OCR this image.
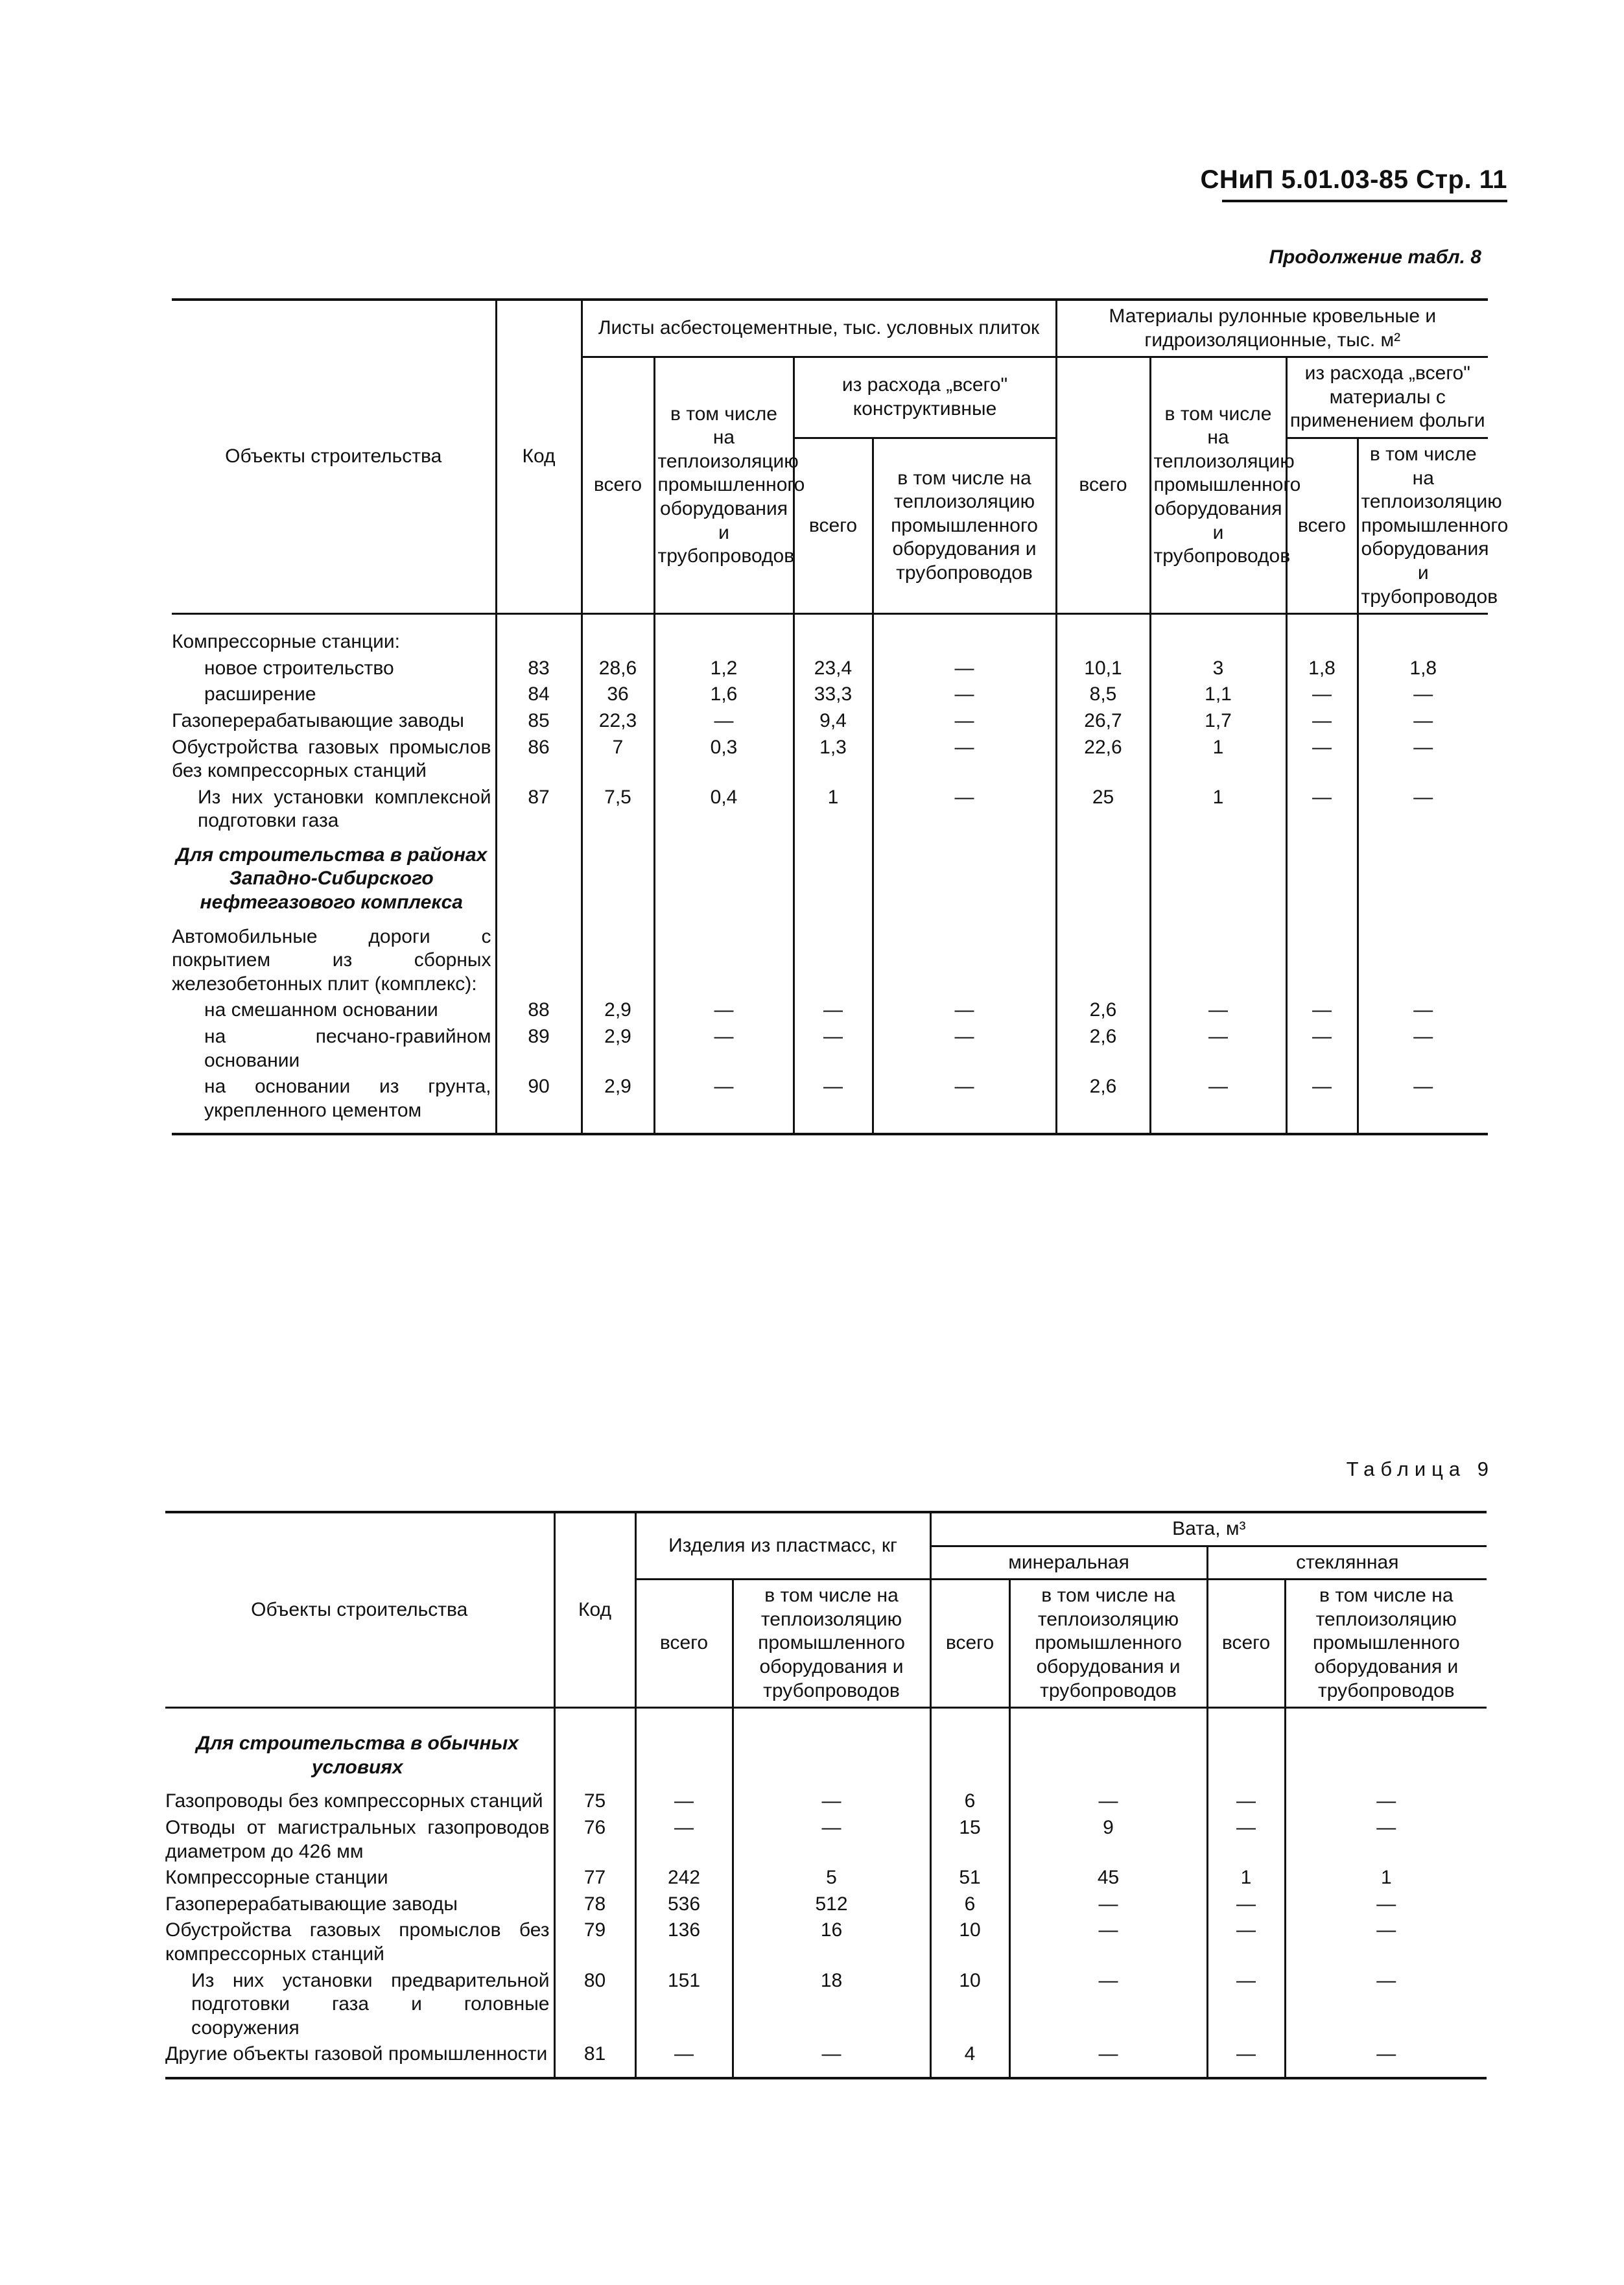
СНиП 5.01.03-85 Стр. 11
Продолжение табл. 8
Объекты строительства	Код	Листы асбестоцементные, тыс. условных плиток				Материалы рулонные кровельные и гидроизоляционные, тыс. м²			
		всего	в том числе на теплоизоляцию промышленного оборудования и трубопроводов	из расхода „всего" конструктивные		всего	в том числе на теплоизоляцию промышленного оборудования и трубопроводов	из расхода „всего" материалы с применением фольги	
				всего	в том числе на теплоизоляцию промышленного оборудования и трубопроводов			всего	в том числе на теплоизоляцию промышленного оборудования и трубопроводов

Компрессорные станции:									
новое строительство	83	28,6	1,2	23,4	—	10,1	3	1,8	1,8
расширение	84	36	1,6	33,3	—	8,5	1,1	—	—
Газоперерабатывающие заводы	85	22,3	—	9,4	—	26,7	1,7	—	—
Обустройства газовых промыслов без компрессорных станций	86	7	0,3	1,3	—	22,6	1	—	—
Из них установки комплексной подготовки газа	87	7,5	0,4	1	—	25	1	—	—
Для строительства в районах Западно-Сибирского нефтегазового комплекса									
Автомобильные дороги с покрытием из сборных железобетонных плит (комплекс):									
на смешанном основании	88	2,9	—	—	—	2,6	—	—	—
на песчано-гравийном основании	89	2,9	—	—	—	2,6	—	—	—
на основании из грунта, укрепленного цементом	90	2,9	—	—	—	2,6	—	—	—
Таблица 9
Объекты строительства	Код	Изделия из пластмасс, кг		Вата, м³			
				минеральная		стеклянная	
		всего	в том числе на теплоизоляцию промышленного оборудования и трубопроводов	всего	в том числе на теплоизоляцию промышленного оборудования и трубопроводов	всего	в том числе на теплоизоляцию промышленного оборудования и трубопроводов

Для строительства в обычных условиях							
Газопроводы без компрессорных станций	75	—	—	6	—	—	—
Отводы от магистральных газопроводов диаметром до 426 мм	76	—	—	15	9	—	—
Компрессорные станции	77	242	5	51	45	1	1
Газоперерабатывающие заводы	78	536	512	6	—	—	—
Обустройства газовых промыслов без компрессорных станций	79	136	16	10	—	—	—
Из них установки предварительной подготовки газа и головные сооружения	80	151	18	10	—	—	—
Другие объекты газовой промышленности	81	—	—	4	—	—	—
